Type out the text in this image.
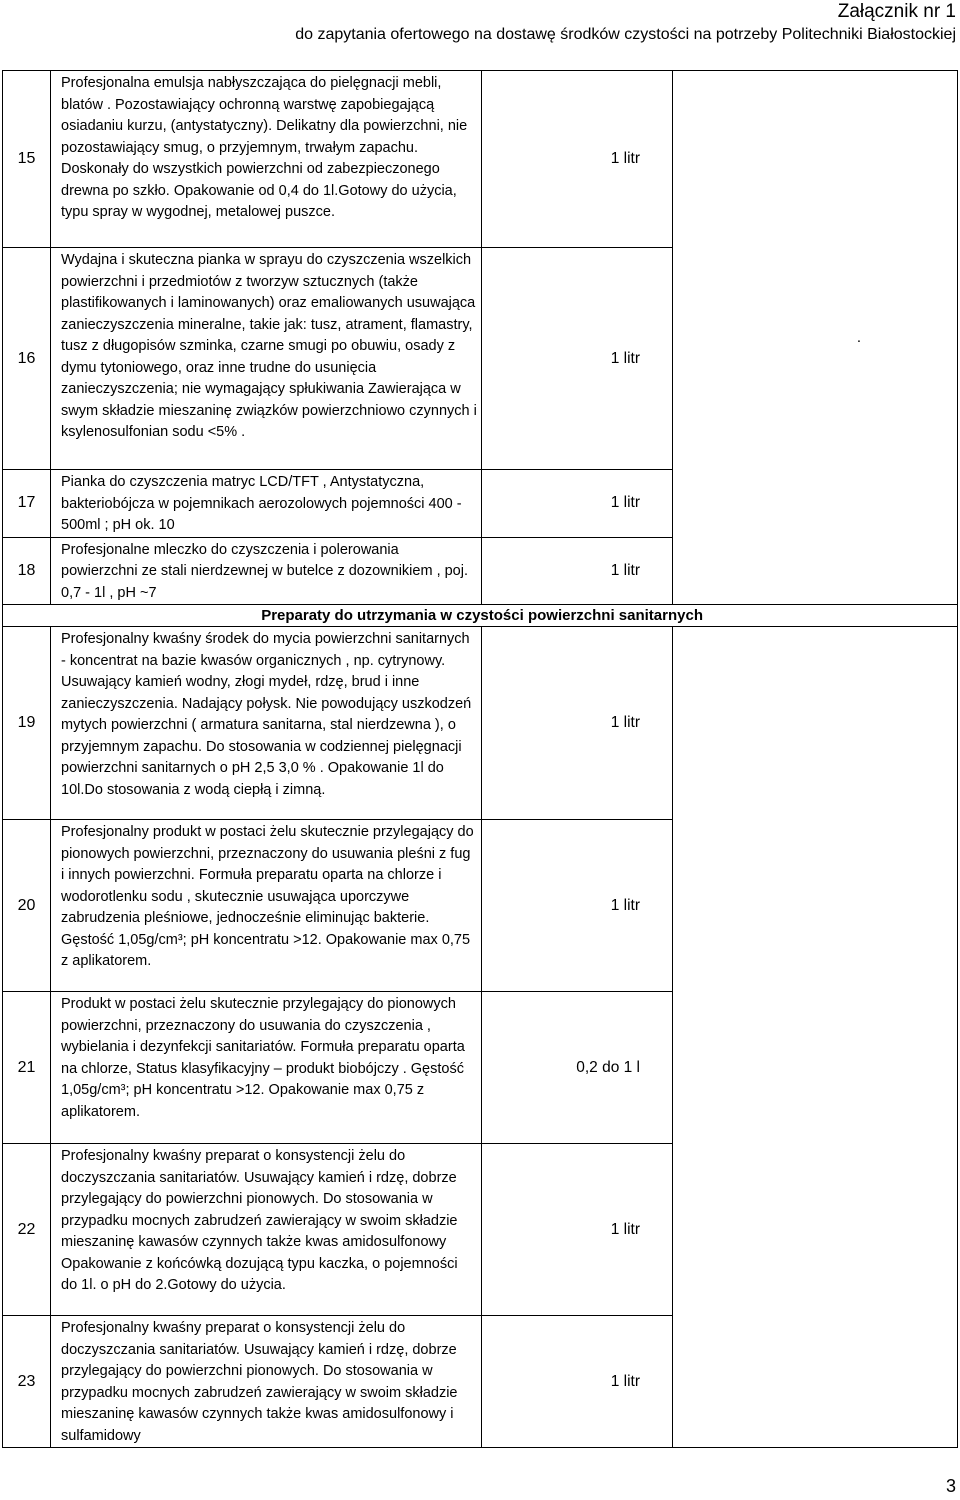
Załącznik nr 1
do zapytania ofertowego na dostawę środków czystości na potrzeby Politechniki Białostockiej
15	Profesjonalna emulsja nabłyszczająca do pielęgnacji mebli, blatów . Pozostawiający ochronną warstwę zapobiegającą osiadaniu kurzu, (antystatyczny). Delikatny dla powierzchni, nie pozostawiający smug, o przyjemnym, trwałym zapachu. Doskonały do wszystkich powierzchni od zabezpieczonego drewna po szkło. Opakowanie od 0,4 do 1l.Gotowy do użycia, typu spray w wygodnej, metalowej puszce.	1 litr	.

16	Wydajna i skuteczna pianka w sprayu do czyszczenia wszelkich powierzchni i przedmiotów z tworzyw sztucznych (także plastifikowanych i laminowanych) oraz emaliowanych usuwająca zanieczyszczenia mineralne, takie jak: tusz, atrament, flamastry, tusz z długopisów szminka, czarne smugi po obuwiu, osady z dymu tytoniowego, oraz inne trudne do usunięcia zanieczyszczenia; nie wymagający spłukiwania Zawierająca w swym składzie mieszaninę związków powierzchniowo czynnych i ksylenosulfonian sodu <5% .	1 litr	

17	Pianka do czyszczenia matryc LCD/TFT , Antystatyczna, bakteriobójcza w pojemnikach aerozolowych pojemności 400 - 500ml ; pH ok. 10	1 litr	

18	Profesjonalne mleczko do czyszczenia i polerowania powierzchni ze stali nierdzewnej w butelce z dozownikiem , poj. 0,7 - 1l , pH ~7	1 litr	

Preparaty do utrzymania w czystości powierzchni sanitarnych			
19	Profesjonalny kwaśny środek do mycia powierzchni sanitarnych - koncentrat na bazie kwasów organicznych , np. cytrynowy. Usuwający kamień wodny, złogi mydeł, rdzę, brud i inne zanieczyszczenia. Nadający połysk. Nie powodujący uszkodzeń mytych powierzchni ( armatura sanitarna, stal nierdzewna ), o przyjemnym zapachu. Do stosowania w codziennej pielęgnacji powierzchni sanitarnych o pH 2,5 3,0 % . Opakowanie 1l do 10l.Do stosowania z wodą ciepłą i zimną.	1 litr	

20	Profesjonalny produkt w postaci żelu skutecznie przylegający do pionowych powierzchni, przeznaczony do usuwania pleśni z fug i innych powierzchni. Formuła preparatu oparta na chlorze i wodorotlenku sodu , skutecznie usuwająca uporczywe zabrudzenia pleśniowe, jednocześnie eliminując bakterie. Gęstość 1,05g/cm³; pH koncentratu >12. Opakowanie max 0,75 z aplikatorem.	1 litr	

21	Produkt w postaci żelu skutecznie przylegający do pionowych powierzchni, przeznaczony do usuwania do czyszczenia , wybielania i dezynfekcji sanitariatów. Formuła preparatu oparta na chlorze, Status klasyfikacyjny – produkt biobójczy . Gęstość 1,05g/cm³; pH koncentratu >12. Opakowanie max 0,75 z aplikatorem.	0,2 do 1 l	

22	Profesjonalny kwaśny preparat o konsystencji żelu do doczyszczania sanitariatów. Usuwający kamień i rdzę, dobrze przylegający do powierzchni pionowych. Do stosowania w przypadku mocnych zabrudzeń zawierający w swoim składzie mieszaninę kawasów czynnych także kwas amidosulfonowy Opakowanie z końcówką dozującą typu kaczka, o pojemności do 1l. o pH do 2.Gotowy do użycia.	1 litr	

23	Profesjonalny kwaśny preparat o konsystencji żelu do doczyszczania sanitariatów. Usuwający kamień i rdzę, dobrze przylegający do powierzchni pionowych. Do stosowania w przypadku mocnych zabrudzeń zawierający w swoim składzie mieszaninę kawasów czynnych także kwas amidosulfonowy i sulfamidowy	1 litr	
3
